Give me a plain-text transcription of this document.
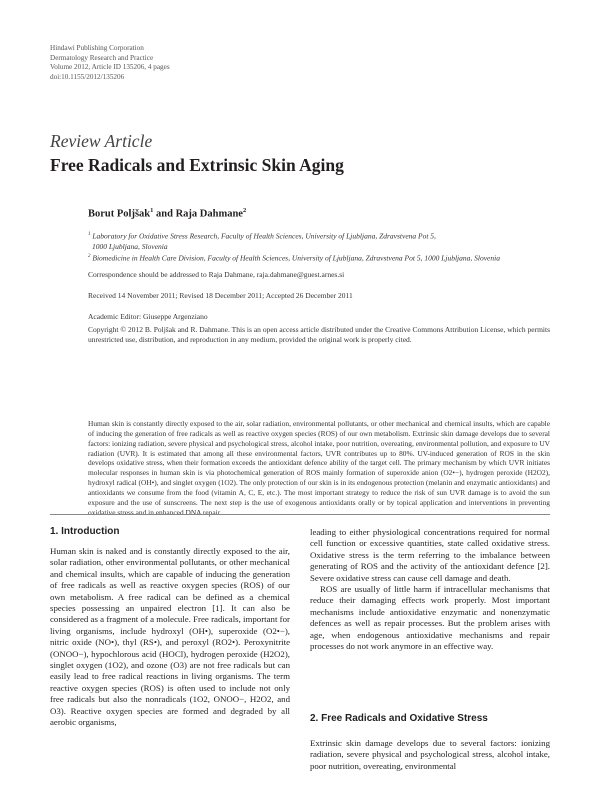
Hindawi Publishing Corporation
Dermatology Research and Practice
Volume 2012, Article ID 135206, 4 pages
doi:10.1155/2012/135206
Review Article
Free Radicals and Extrinsic Skin Aging
Borut Poljšak$^1$ and Raja Dahmane$^2$
$^1$ Laboratory for Oxidative Stress Research, Faculty of Health Sciences, University of Ljubljana, Zdravstvena Pot 5,
1000 Ljubljana, Slovenia
$^2$ Biomedicine in Health Care Division, Faculty of Health Sciences, University of Ljubljana, Zdravstvena Pot 5, 1000 Ljubljana, Slovenia
Correspondence should be addressed to Raja Dahmane, raja.dahmane@guest.arnes.si
Received 14 November 2011; Revised 18 December 2011; Accepted 26 December 2011
Academic Editor: Giuseppe Argenziano
Copyright © 2012 B. Poljšak and R. Dahmane. This is an open access article distributed under the Creative Commons Attribution License, which permits unrestricted use, distribution, and reproduction in any medium, provided the original work is properly cited.
Human skin is constantly directly exposed to the air, solar radiation, environmental pollutants, or other mechanical and chemical insults, which are capable of inducing the generation of free radicals as well as reactive oxygen species (ROS) of our own metabolism. Extrinsic skin damage develops due to several factors: ionizing radiation, severe physical and psychological stress, alcohol intake, poor nutrition, overeating, environmental pollution, and exposure to UV radiation (UVR). It is estimated that among all these environmental factors, UVR contributes up to 80%. UV-induced generation of ROS in the skin develops oxidative stress, when their formation exceeds the antioxidant defence ability of the target cell. The primary mechanism by which UVR initiates molecular responses in human skin is via photochemical generation of ROS mainly formation of superoxide anion (O2•−), hydrogen peroxide (H2O2), hydroxyl radical (OH•), and singlet oxygen (1O2). The only protection of our skin is in its endogenous protection (melanin and enzymatic antioxidants) and antioxidants we consume from the food (vitamin A, C, E, etc.). The most important strategy to reduce the risk of sun UVR damage is to avoid the sun exposure and the use of sunscreens. The next step is the use of exogenous antioxidants orally or by topical application and interventions in preventing oxidative stress and in enhanced DNA repair.
1. Introduction

Human skin is naked and is constantly directly exposed to the air, solar radiation, other environmental pollutants, or other mechanical and chemical insults, which are capable of inducing the generation of free radicals as well as reactive oxygen species (ROS) of our own metabolism. A free radical can be defined as a chemical species possessing an unpaired electron [1]. It can also be considered as a fragment of a molecule. Free radicals, important for living organisms, include hydroxyl (OH•), superoxide (O2•−), nitric oxide (NO•), thyl (RS•), and peroxyl (RO2•). Peroxynitrite (ONOO−), hypochlorous acid (HOCl), hydrogen peroxide (H2O2), singlet oxygen (1O2), and ozone (O3) are not free radicals but can easily lead to free radical reactions in living organisms. The term reactive oxygen species (ROS) is often used to include not only free radicals but also the nonradicals (1O2, ONOO−, H2O2, and O3). Reactive oxygen species are formed and degraded by all aerobic organisms,

leading to either physiological concentrations required for normal cell function or excessive quantities, state called oxidative stress. Oxidative stress is the term referring to the imbalance between generating of ROS and the activity of the antioxidant defence [2]. Severe oxidative stress can cause cell damage and death.

ROS are usually of little harm if intracellular mechanisms that reduce their damaging effects work properly. Most important mechanisms include antioxidative enzymatic and nonenzymatic defences as well as repair processes. But the problem arises with age, when endogenous antioxidative mechanisms and repair processes do not work anymore in an effective way.

2. Free Radicals and Oxidative Stress

Extrinsic skin damage develops due to several factors: ionizing radiation, severe physical and psychological stress, alcohol intake, poor nutrition, overeating, environmental
